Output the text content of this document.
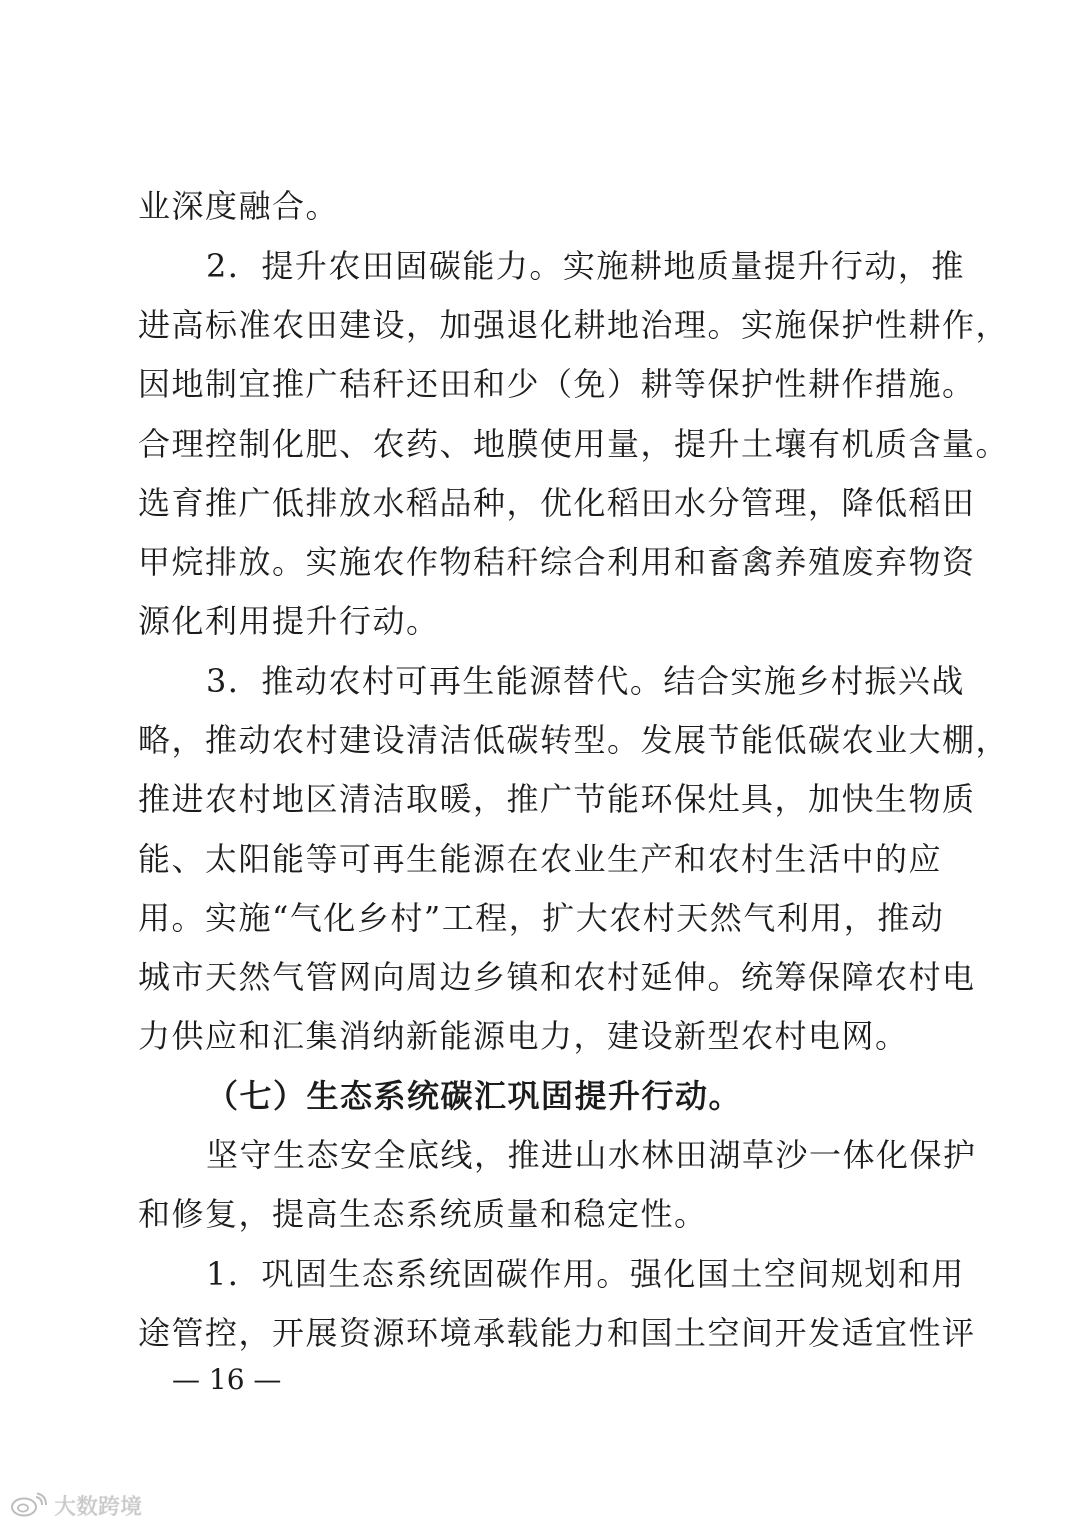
业深度融合。
2．提升农田固碳能力。实施耕地质量提升行动，推
进高标准农田建设，加强退化耕地治理。实施保护性耕作，
因地制宜推广秸秆还田和少（免）耕等保护性耕作措施。
合理控制化肥、农药、地膜使用量，提升土壤有机质含量。
选育推广低排放水稻品种，优化稻田水分管理，降低稻田
甲烷排放。实施农作物秸秆综合利用和畜禽养殖废弃物资
源化利用提升行动。
3．推动农村可再生能源替代。结合实施乡村振兴战
略，推动农村建设清洁低碳转型。发展节能低碳农业大棚，
推进农村地区清洁取暖，推广节能环保灶具，加快生物质
能、太阳能等可再生能源在农业生产和农村生活中的应
用。实施“气化乡村”工程，扩大农村天然气利用，推动
城市天然气管网向周边乡镇和农村延伸。统筹保障农村电
力供应和汇集消纳新能源电力，建设新型农村电网。
（七）生态系统碳汇巩固提升行动。
坚守生态安全底线，推进山水林田湖草沙一体化保护
和修复，提高生态系统质量和稳定性。
1．巩固生态系统固碳作用。强化国土空间规划和用
途管控，开展资源环境承载能力和国土空间开发适宜性评
— 16 —
大数跨境
